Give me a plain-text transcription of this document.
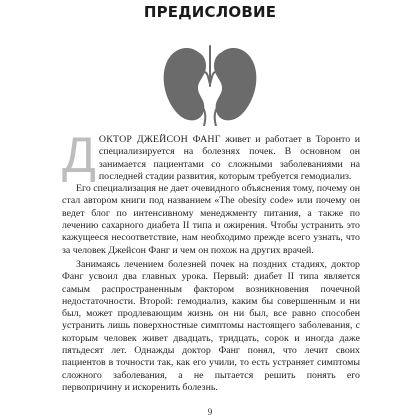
ПРЕДИСЛОВИЕ

ДОКТОР ДЖЕЙСОН ФАНГ живет и работает в Торонто и специализируется на болезнях почек. В основном он занимается пациентами со сложными заболеваниями на последней стадии развития, которым требуется гемодиализ.

Его специализация не дает очевидного объяснения тому, почему он стал автором книги под названием «The obesity code» или почему он ведет блог по интенсивному менеджменту питания, а также по лечению сахарного диабета II типа и ожирения. Чтобы устранить это кажущееся несоответствие, нам необходимо прежде всего узнать, что за человек Джейсон Фанг и чем он похож на других врачей.

Занимаясь лечением болезней почек на поздних стадиях, доктор Фанг усвоил два главных урока. Первый: диабет II типа является самым распространенным фактором возникновения почечной недостаточности. Второй: гемодиализ, каким бы совершенным и ни был, может продлевающим жизнь он ни был, все равно способен устранить лишь поверхностные симптомы настоящего заболевания, с которым человек живет двадцать, тридцать, сорок и иногда даже пятьдесят лет. Однажды доктор Фанг понял, что лечит своих пациентов в точности так, как его учили, то есть устраняет симптомы сложного заболевания, а не пытается решить понять его первопричину и искоренить болезнь.

9
